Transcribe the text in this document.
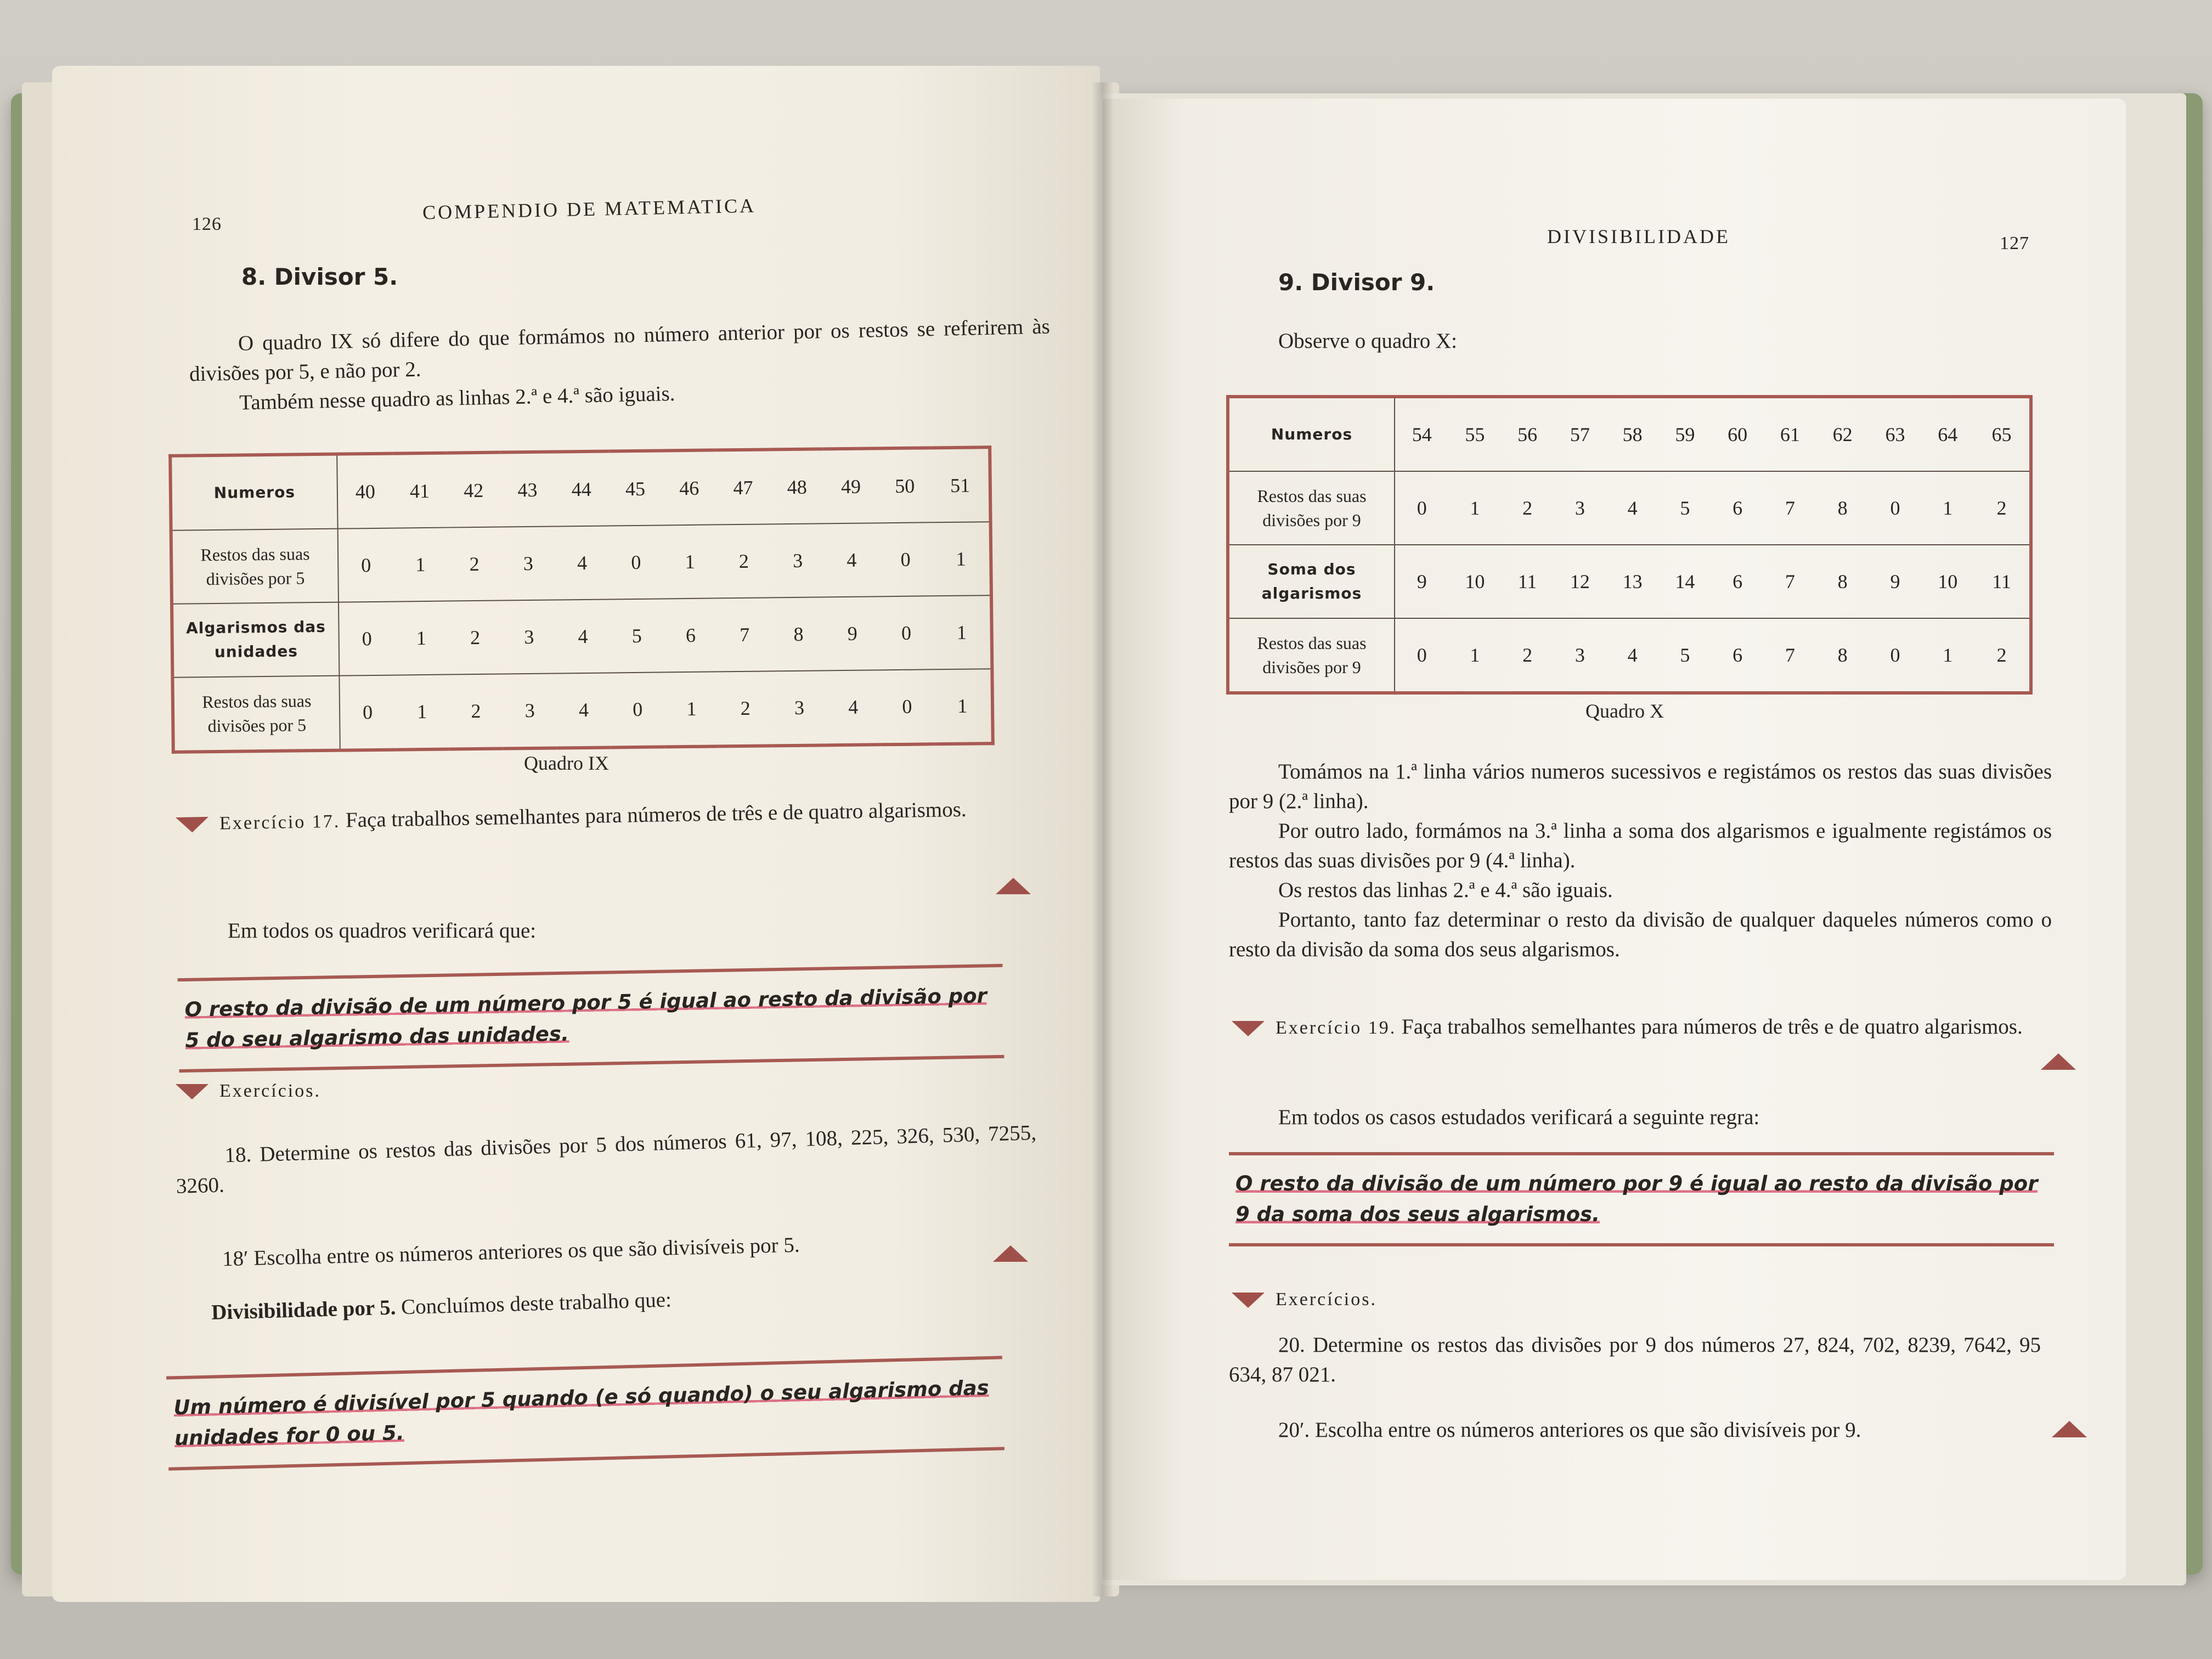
126
COMPENDIO DE MATEMATICA
8. Divisor 5.

O quadro IX só difere do que formámos no número anterior por os restos se referirem às divisões por 5, e não por 2.

Também nesse quadro as linhas 2.ª e 4.ª são iguais.

Numeros	40	41	42	43	44	45	46	47	48	49	50	51
Restos das suas divisões por 5	0	1	2	3	4	0	1	2	3	4	0	1
Algarismos das unidades	0	1	2	3	4	5	6	7	8	9	0	1
Restos das suas divisões por 5	0	1	2	3	4	0	1	2	3	4	0	1
Quadro IX
Exercício 17. Faça trabalhos semelhantes para números de três e de quatro algarismos.
Em todos os quadros verificará que:
O resto da divisão de um número por 5 é igual ao resto da divisão por 5 do seu algarismo das unidades.
Exercícios.

18. Determine os restos das divisões por 5 dos números 61, 97, 108, 225, 326, 530, 7255, 3260.

18′ Escolha entre os números anteriores os que são divisíveis por 5.
Divisibilidade por 5. Concluímos deste trabalho que:
Um número é divisível por 5 quando (e só quando) o seu algarismo das unidades for 0 ou 5.
DIVISIBILIDADE	127
9. Divisor 9.
Observe o quadro X:
Numeros	54	55	56	57	58	59	60	61	62	63	64	65
Restos das suas divisões por 9	0	1	2	3	4	5	6	7	8	0	1	2
Soma dos algarismos	9	10	11	12	13	14	6	7	8	9	10	11
Restos das suas divisões por 9	0	1	2	3	4	5	6	7	8	0	1	2
Quadro X

Tomámos na 1.ª linha vários numeros sucessivos e registámos os restos das suas divisões por 9 (2.ª linha).

Por outro lado, formámos na 3.ª linha a soma dos algarismos e igualmente registámos os restos das suas divisões por 9 (4.ª linha).

Os restos das linhas 2.ª e 4.ª são iguais.

Portanto, tanto faz determinar o resto da divisão de qualquer daqueles números como o resto da divisão da soma dos seus algarismos.

Exercício 19. Faça trabalhos semelhantes para números de três e de quatro algarismos.
Em todos os casos estudados verificará a seguinte regra:
O resto da divisão de um número por 9 é igual ao resto da divisão por 9 da soma dos seus algarismos.
Exercícios.

20. Determine os restos das divisões por 9 dos números 27, 824, 702, 8239, 7642, 95 634, 87 021.

20′. Escolha entre os números anteriores os que são divisíveis por 9.
